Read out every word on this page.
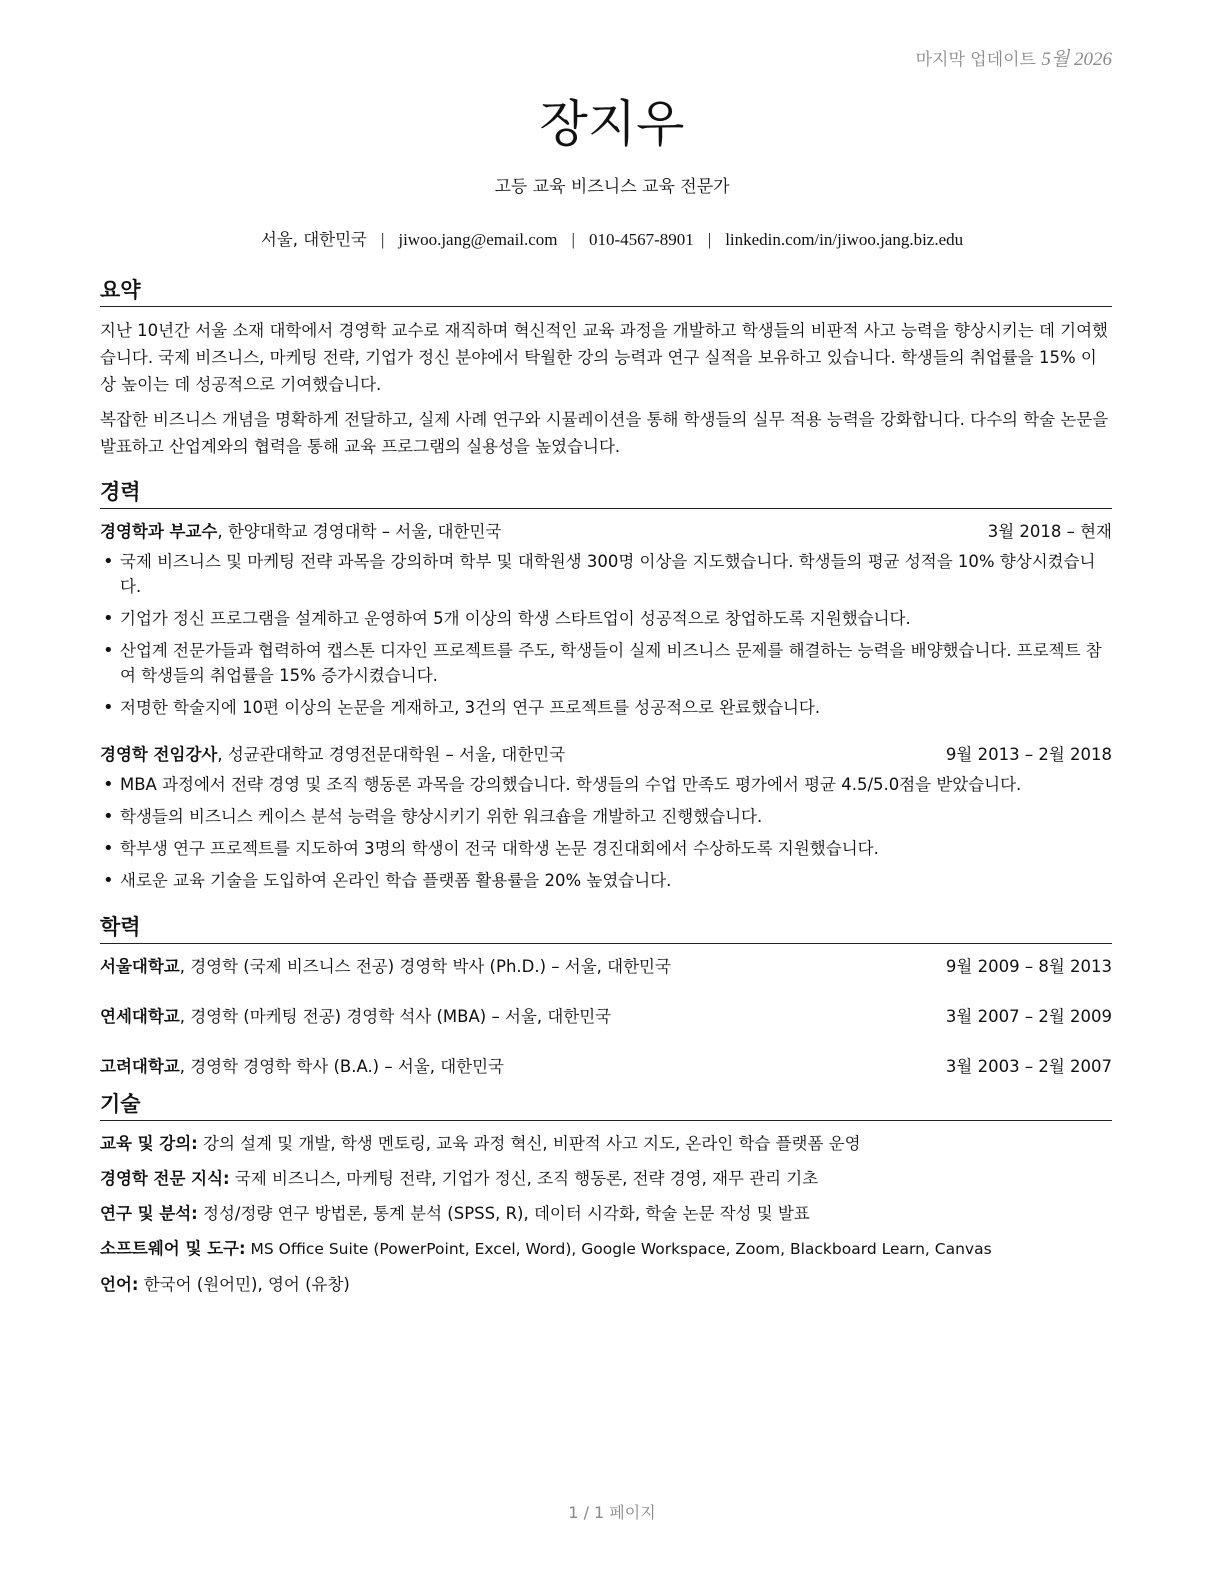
마지막 업데이트 5월 2026
장지우
고등 교육 비즈니스 교육 전문가
서울, 대한민국 | jiwoo.jang@email.com | 010-4567-8901 | linkedin.com/in/jiwoo.jang.biz.edu
요약

지난 10년간 서울 소재 대학에서 경영학 교수로 재직하며 혁신적인 교육 과정을 개발하고 학생들의 비판적 사고 능력을 향상시키는 데 기여했습니다. 국제 비즈니스, 마케팅 전략, 기업가 정신 분야에서 탁월한 강의 능력과 연구 실적을 보유하고 있습니다. 학생들의 취업률을 15% 이상 높이는 데 성공적으로 기여했습니다.

복잡한 비즈니스 개념을 명확하게 전달하고, 실제 사례 연구와 시뮬레이션을 통해 학생들의 실무 적용 능력을 강화합니다. 다수의 학술 논문을 발표하고 산업계와의 협력을 통해 교육 프로그램의 실용성을 높였습니다.

경력
경영학과 부교수, 한양대학교 경영대학 – 서울, 대한민국	3월 2018 – 현재
• 국제 비즈니스 및 마케팅 전략 과목을 강의하며 학부 및 대학원생 300명 이상을 지도했습니다. 학생들의 평균 성적을 10% 향상시켰습니다.
• 기업가 정신 프로그램을 설계하고 운영하여 5개 이상의 학생 스타트업이 성공적으로 창업하도록 지원했습니다.
• 산업계 전문가들과 협력하여 캡스톤 디자인 프로젝트를 주도, 학생들이 실제 비즈니스 문제를 해결하는 능력을 배양했습니다. 프로젝트 참여 학생들의 취업률을 15% 증가시켰습니다.
• 저명한 학술지에 10편 이상의 논문을 게재하고, 3건의 연구 프로젝트를 성공적으로 완료했습니다.
경영학 전임강사, 성균관대학교 경영전문대학원 – 서울, 대한민국	9월 2013 – 2월 2018
• MBA 과정에서 전략 경영 및 조직 행동론 과목을 강의했습니다. 학생들의 수업 만족도 평가에서 평균 4.5/5.0점을 받았습니다.
• 학생들의 비즈니스 케이스 분석 능력을 향상시키기 위한 워크숍을 개발하고 진행했습니다.
• 학부생 연구 프로젝트를 지도하여 3명의 학생이 전국 대학생 논문 경진대회에서 수상하도록 지원했습니다.
• 새로운 교육 기술을 도입하여 온라인 학습 플랫폼 활용률을 20% 높였습니다.
학력
서울대학교, 경영학 (국제 비즈니스 전공) 경영학 박사 (Ph.D.) – 서울, 대한민국	9월 2009 – 8월 2013
연세대학교, 경영학 (마케팅 전공) 경영학 석사 (MBA) – 서울, 대한민국	3월 2007 – 2월 2009
고려대학교, 경영학 경영학 학사 (B.A.) – 서울, 대한민국	3월 2003 – 2월 2007
기술
교육 및 강의: 강의 설계 및 개발, 학생 멘토링, 교육 과정 혁신, 비판적 사고 지도, 온라인 학습 플랫폼 운영
경영학 전문 지식: 국제 비즈니스, 마케팅 전략, 기업가 정신, 조직 행동론, 전략 경영, 재무 관리 기초
연구 및 분석: 정성/정량 연구 방법론, 통계 분석 (SPSS, R), 데이터 시각화, 학술 논문 작성 및 발표
소프트웨어 및 도구: MS Office Suite (PowerPoint, Excel, Word), Google Workspace, Zoom, Blackboard Learn, Canvas
언어: 한국어 (원어민), 영어 (유창)
1 / 1 페이지
